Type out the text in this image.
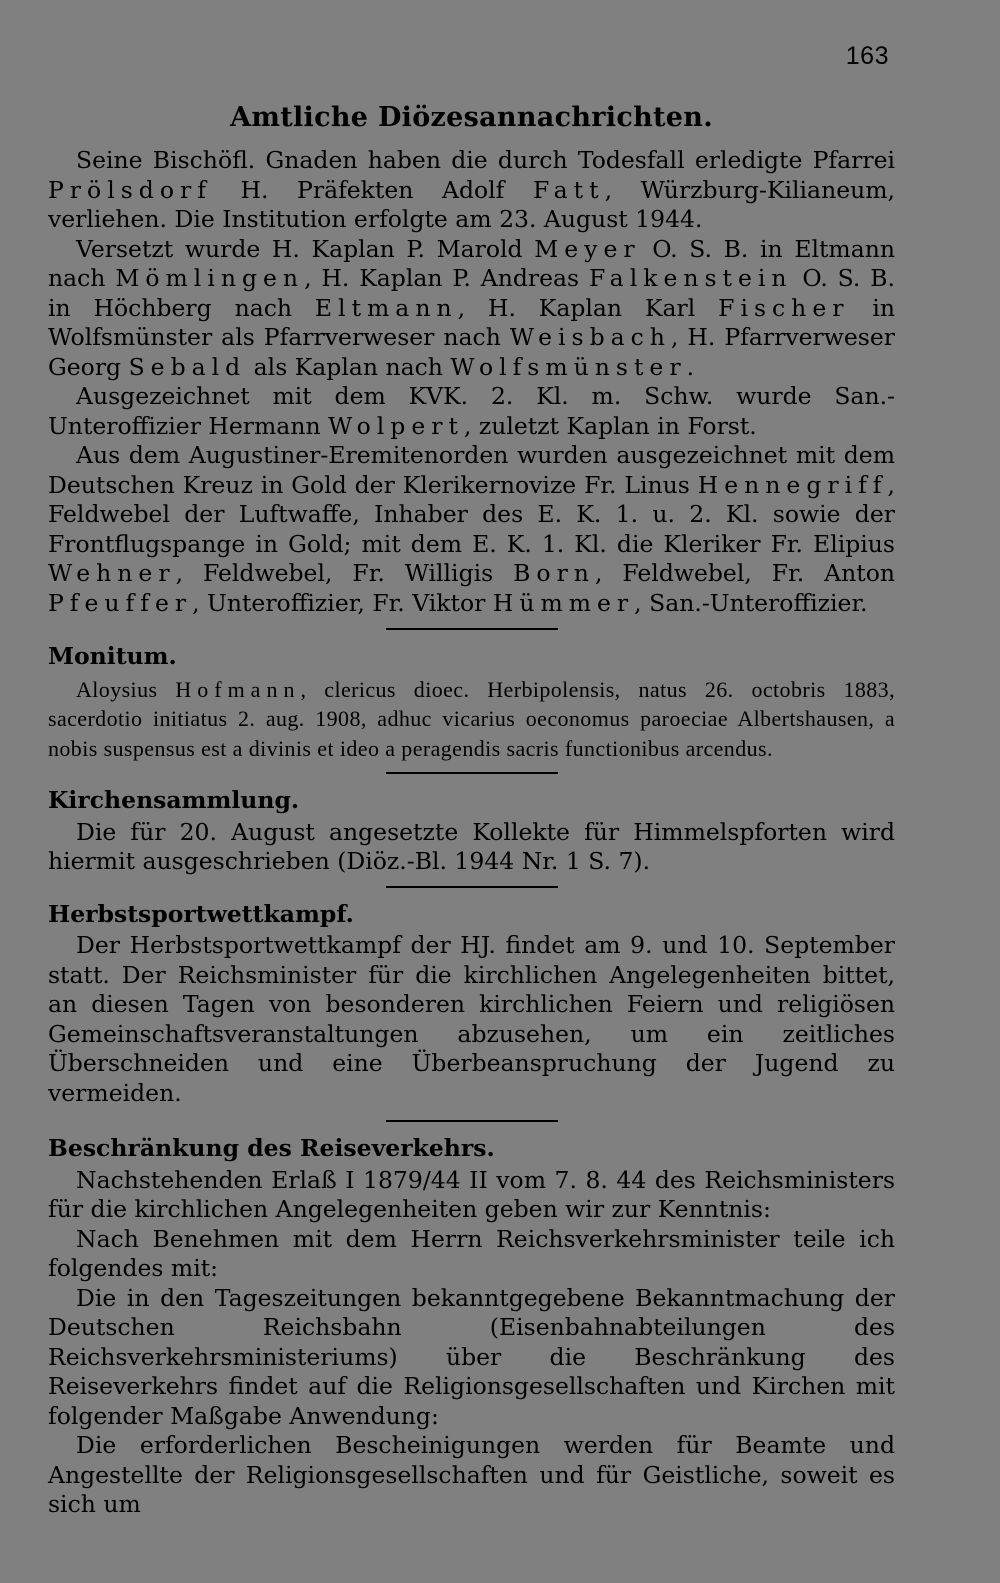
163
Amtliche Diözesannachrichten.

Seine Bischöfl. Gnaden haben die durch Todesfall erledigte Pfarrei Prölsdorf H. Präfekten Adolf Fatt, Würzburg-Kilianeum, verliehen. Die Institution erfolgte am 23. August 1944.

Versetzt wurde H. Kaplan P. Marold Meyer O. S. B. in Eltmann nach Mömlingen, H. Kaplan P. Andreas Falkenstein O. S. B. in Höchberg nach Eltmann, H. Kaplan Karl Fischer in Wolfsmünster als Pfarrverweser nach Weisbach, H. Pfarrverweser Georg Sebald als Kaplan nach Wolfsmünster.

Ausgezeichnet mit dem KVK. 2. Kl. m. Schw. wurde San.-Unteroffizier Hermann Wolpert, zuletzt Kaplan in Forst.

Aus dem Augustiner-Eremitenorden wurden ausgezeichnet mit dem Deutschen Kreuz in Gold der Klerikernovize Fr. Linus Hennegriff, Feldwebel der Luftwaffe, Inhaber des E. K. 1. u. 2. Kl. sowie der Frontflugspange in Gold; mit dem E. K. 1. Kl. die Kleriker Fr. Elipius Wehner, Feldwebel, Fr. Willigis Born, Feldwebel, Fr. Anton Pfeuffer, Unteroffizier, Fr. Viktor Hümmer, San.-Unteroffizier.

Monitum.

Aloysius Hofmann, clericus dioec. Herbipolensis, natus 26. octobris 1883, sacerdotio initiatus 2. aug. 1908, adhuc vicarius oeconomus paroeciae Albertshausen, a nobis suspensus est a divinis et ideo a peragendis sacris functionibus arcendus.

Kirchensammlung.

Die für 20. August angesetzte Kollekte für Himmelspforten wird hiermit ausgeschrieben (Diöz.-Bl. 1944 Nr. 1 S. 7).

Herbstsportwettkampf.

Der Herbstsportwettkampf der HJ. findet am 9. und 10. September statt. Der Reichsminister für die kirchlichen Angelegenheiten bittet, an diesen Tagen von besonderen kirchlichen Feiern und religiösen Gemeinschaftsveranstaltungen abzusehen, um ein zeitliches Überschneiden und eine Überbeanspruchung der Jugend zu vermeiden.

Beschränkung des Reiseverkehrs.

Nachstehenden Erlaß I 1879/44 II vom 7. 8. 44 des Reichsministers für die kirchlichen Angelegenheiten geben wir zur Kenntnis:

Nach Benehmen mit dem Herrn Reichsverkehrsminister teile ich folgendes mit:

Die in den Tageszeitungen bekanntgegebene Bekanntmachung der Deutschen Reichsbahn (Eisenbahnabteilungen des Reichsverkehrsministeriums) über die Beschränkung des Reiseverkehrs findet auf die Religionsgesellschaften und Kirchen mit folgender Maßgabe Anwendung:

Die erforderlichen Bescheinigungen werden für Beamte und Angestellte der Religionsgesellschaften und für Geistliche, soweit es sich um
